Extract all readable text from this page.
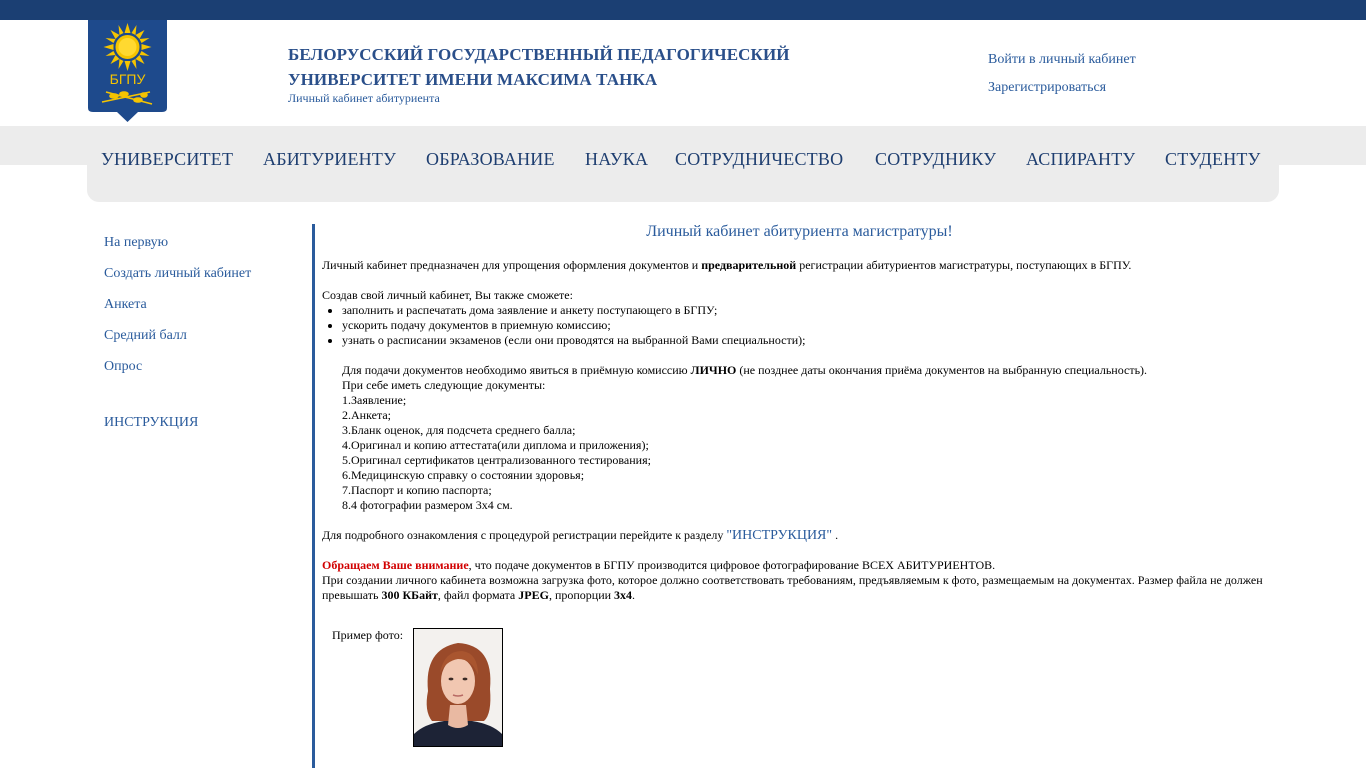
БГПУ
БЕЛОРУССКИЙ ГОСУДАРСТВЕННЫЙ ПЕДАГОГИЧЕСКИЙ
УНИВЕРСИТЕТ ИМЕНИ МАКСИМА ТАНКА
Личный кабинет абитуриента
Войти в личный кабинет
Зарегистрироваться
УНИВЕРСИТЕТ АБИТУРИЕНТУ ОБРАЗОВАНИЕ НАУКА СОТРУДНИЧЕСТВО СОТРУДНИКУ АСПИРАНТУ СТУДЕНТУ
На первую
Создать личный кабинет
Анкета
Средний балл
Опрос
ИНСТРУКЦИЯ
Личный кабинет абитуриента магистратуры!

Личный кабинет предназначен для упрощения оформления документов и предварительной регистрации абитуриентов магистратуры, поступающих в БГПУ.

Создав свой личный кабинет, Вы также сможете:

• заполнить и распечатать дома заявление и анкету поступающего в БГПУ;
• ускорить подачу документов в приемную комиссию;
• узнать о расписании экзаменов (если они проводятся на выбранной Вами специальности);

Для подачи документов необходимо явиться в приёмную комиссию ЛИЧНО (не позднее даты окончания приёма документов на выбранную специальность).

При себе иметь следующие документы:

1.Заявление;

2.Анкета;

3.Бланк оценок, для подсчета среднего балла;

4.Оригинал и копию аттестата(или диплома и приложения);

5.Оригинал сертификатов централизованного тестирования;

6.Медицинскую справку о состоянии здоровья;

7.Паспорт и копию паспорта;

8.4 фотографии размером 3x4 см.

Для подробного ознакомления с процедурой регистрации перейдите к разделу "ИНСТРУКЦИЯ" .

Обращаем Ваше внимание, что подаче документов в БГПУ производится цифровое фотографирование ВСЕХ АБИТУРИЕНТОВ.

При создании личного кабинета возможна загрузка фото, которое должно соответствовать требованиям, предъявляемым к фото, размещаемым на документах. Размер файла не должен превышать 300 КБайт, файл формата JPEG, пропорции 3x4.

Пример фото:
